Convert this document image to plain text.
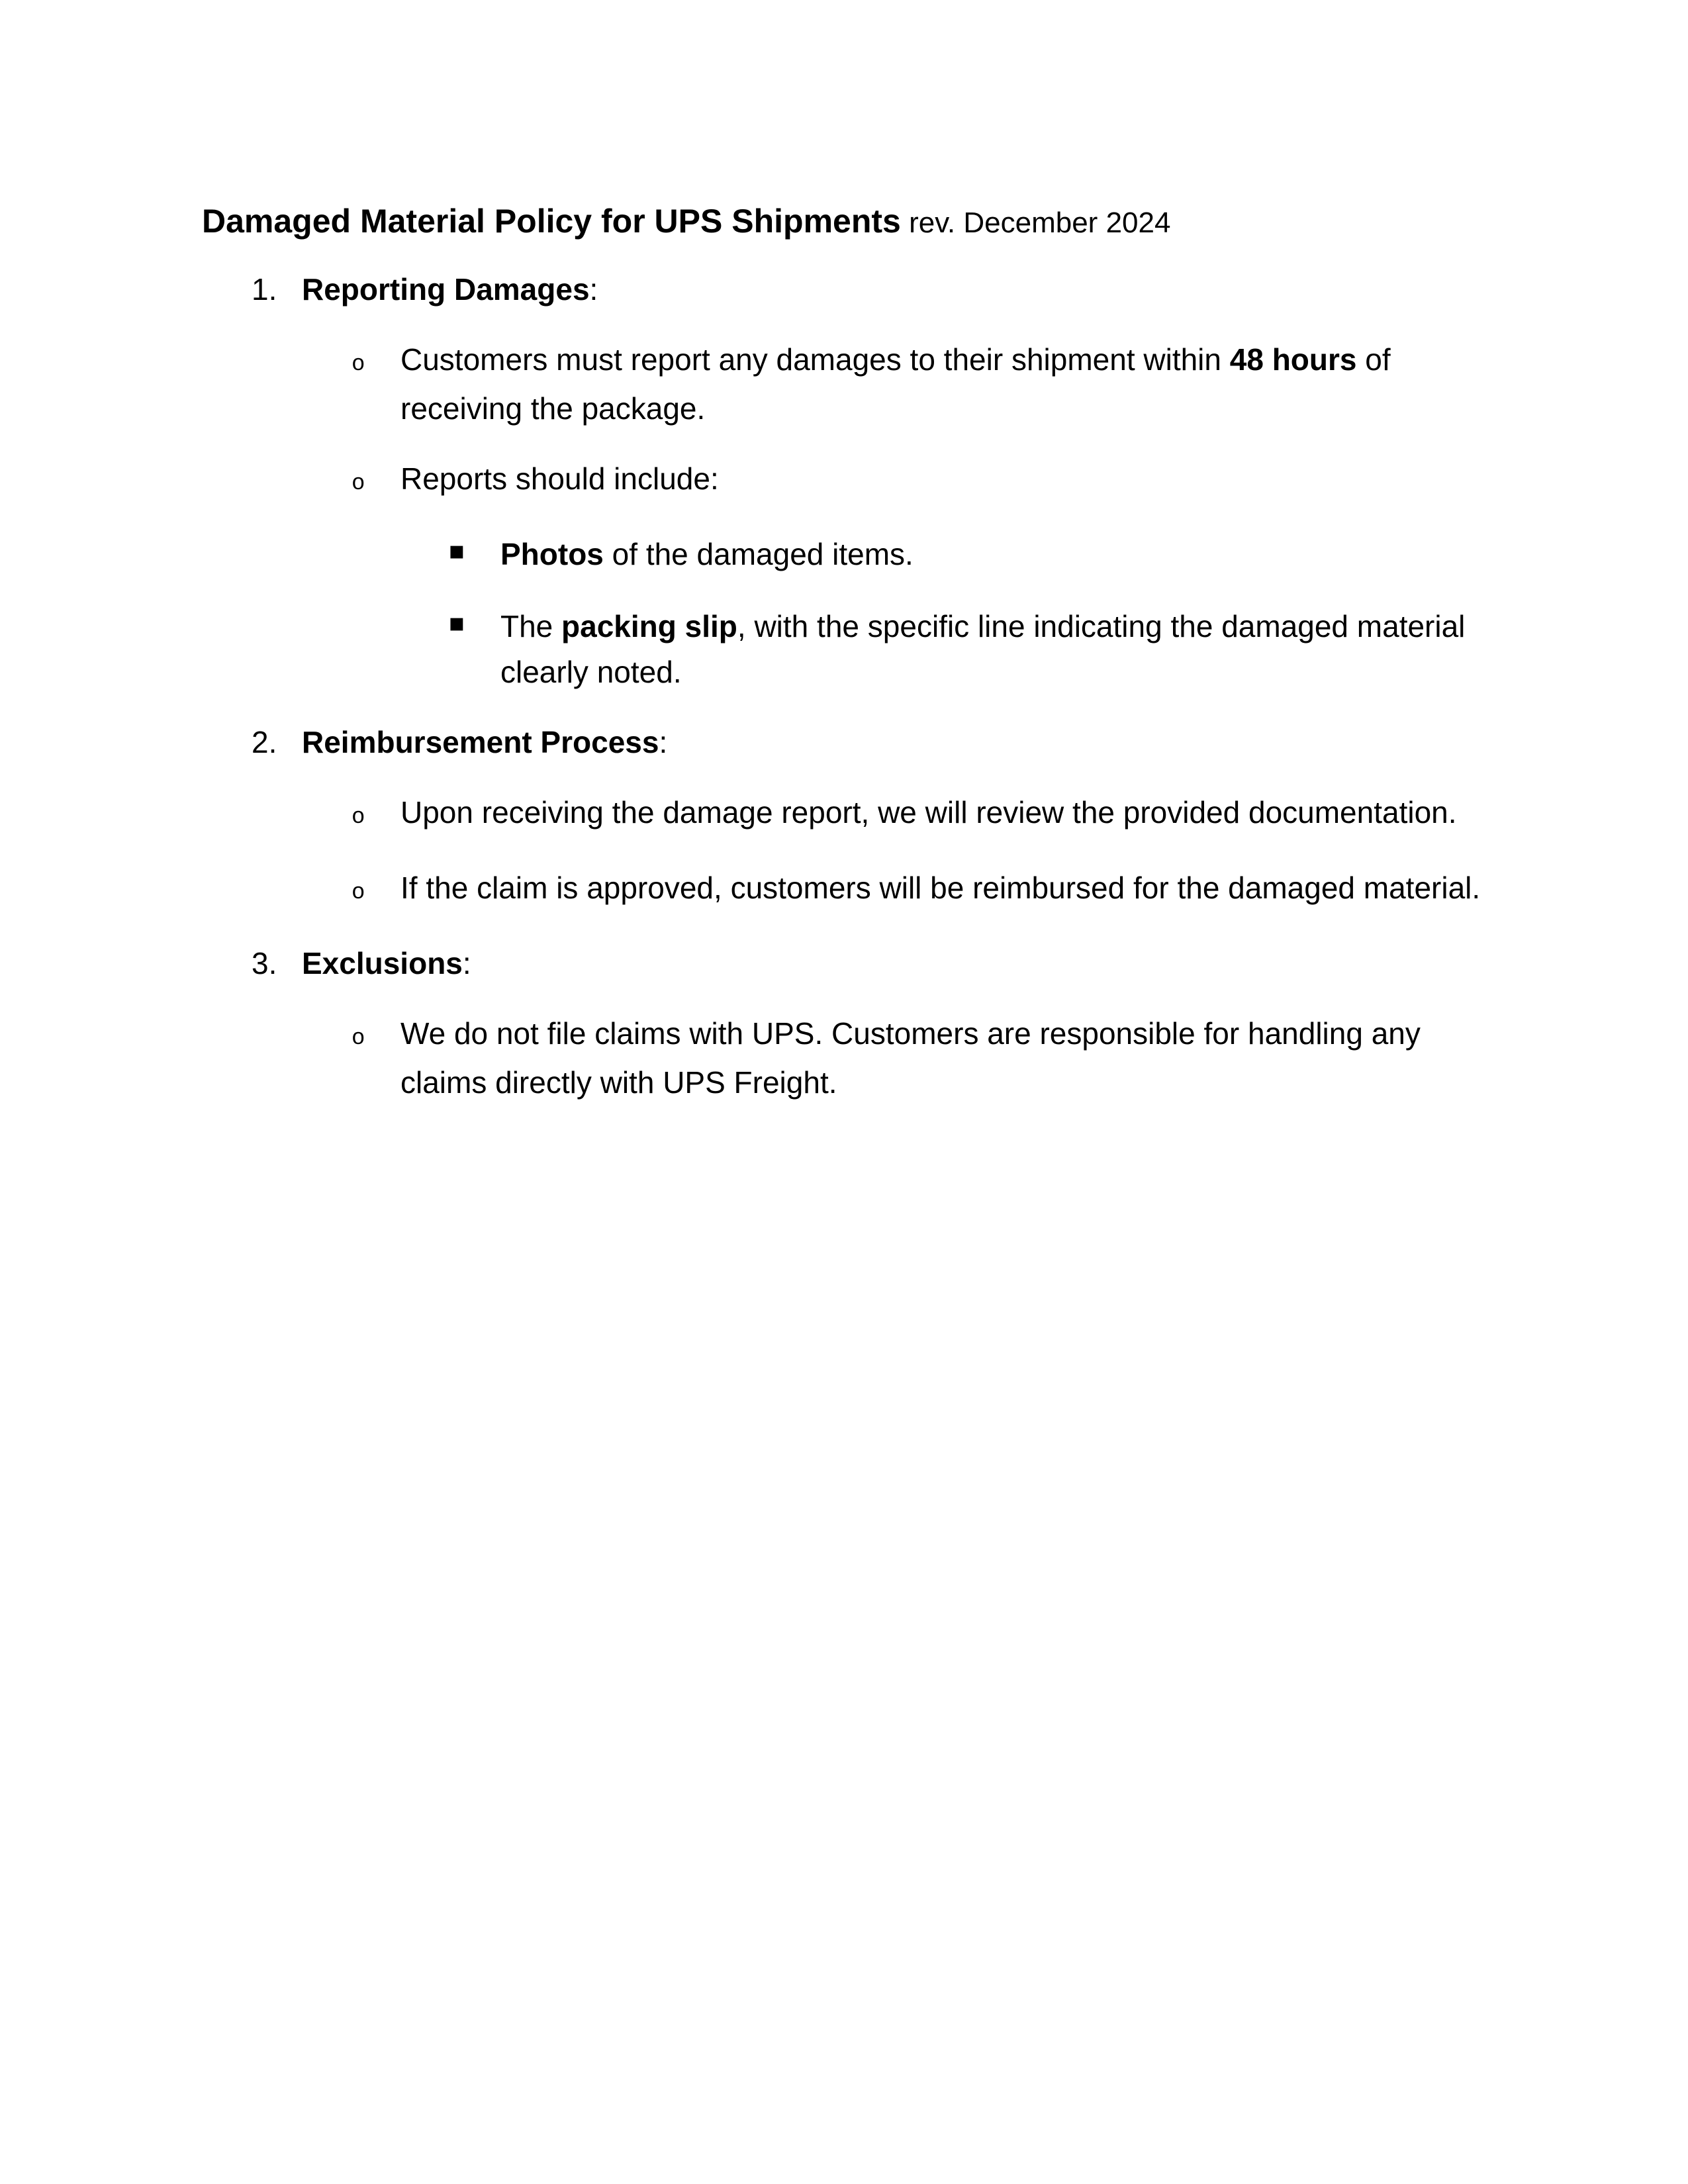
Damaged Material Policy for UPS Shipments rev. December 2024

1. Reporting Damages:

o Customers must report any damages to their shipment within 48 hours of receiving the package.

o Reports should include:

▪ Photos of the damaged items.

▪ The packing slip, with the specific line indicating the damaged material clearly noted.

2. Reimbursement Process:

o Upon receiving the damage report, we will review the provided documentation.

o If the claim is approved, customers will be reimbursed for the damaged material.

3. Exclusions:

o We do not file claims with UPS. Customers are responsible for handling any claims directly with UPS Freight.
